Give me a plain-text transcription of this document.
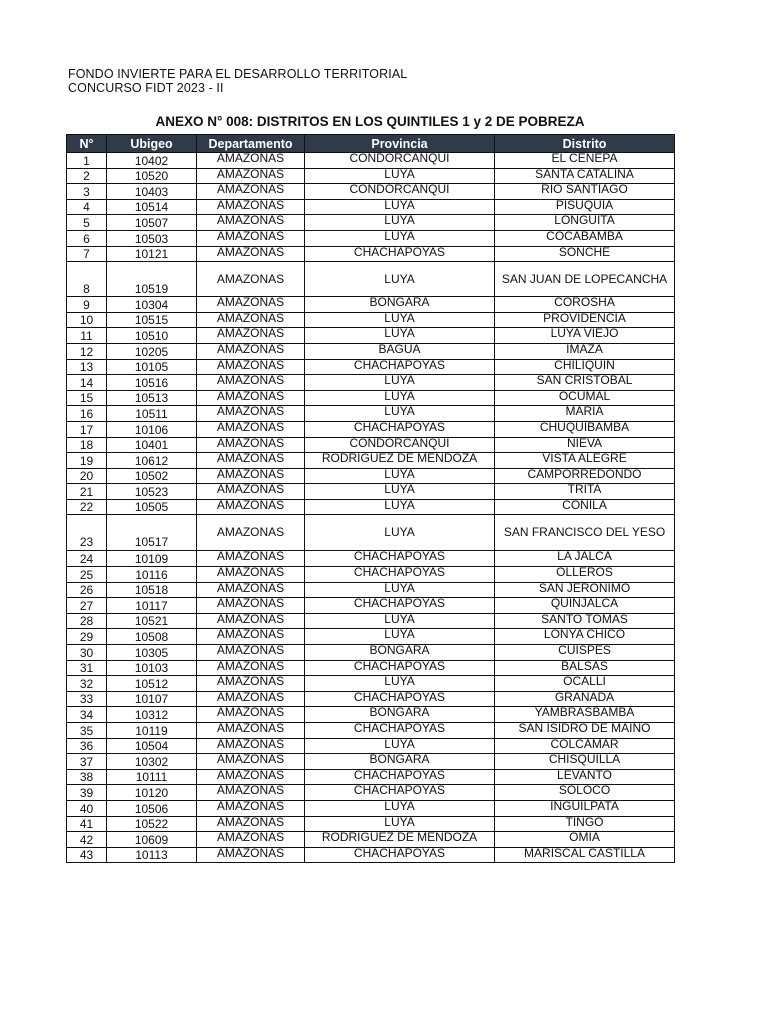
FONDO INVIERTE PARA EL DESARROLLO TERRITORIAL
CONCURSO FIDT 2023 - II
ANEXO N° 008: DISTRITOS EN LOS QUINTILES 1 y 2 DE POBREZA
N°	Ubigeo	Departamento	Provincia	Distrito
1	10402	AMAZONAS	CONDORCANQUI	EL CENEPA
2	10520	AMAZONAS	LUYA	SANTA CATALINA
3	10403	AMAZONAS	CONDORCANQUI	RIO SANTIAGO
4	10514	AMAZONAS	LUYA	PISUQUIA
5	10507	AMAZONAS	LUYA	LONGUITA
6	10503	AMAZONAS	LUYA	COCABAMBA
7	10121	AMAZONAS	CHACHAPOYAS	SONCHE
8	10519	AMAZONAS	LUYA	SAN JUAN DE LOPECANCHA
9	10304	AMAZONAS	BONGARA	COROSHA
10	10515	AMAZONAS	LUYA	PROVIDENCIA
11	10510	AMAZONAS	LUYA	LUYA VIEJO
12	10205	AMAZONAS	BAGUA	IMAZA
13	10105	AMAZONAS	CHACHAPOYAS	CHILIQUIN
14	10516	AMAZONAS	LUYA	SAN CRISTOBAL
15	10513	AMAZONAS	LUYA	OCUMAL
16	10511	AMAZONAS	LUYA	MARIA
17	10106	AMAZONAS	CHACHAPOYAS	CHUQUIBAMBA
18	10401	AMAZONAS	CONDORCANQUI	NIEVA
19	10612	AMAZONAS	RODRIGUEZ DE MENDOZA	VISTA ALEGRE
20	10502	AMAZONAS	LUYA	CAMPORREDONDO
21	10523	AMAZONAS	LUYA	TRITA
22	10505	AMAZONAS	LUYA	CONILA
23	10517	AMAZONAS	LUYA	SAN FRANCISCO DEL YESO
24	10109	AMAZONAS	CHACHAPOYAS	LA JALCA
25	10116	AMAZONAS	CHACHAPOYAS	OLLEROS
26	10518	AMAZONAS	LUYA	SAN JERONIMO
27	10117	AMAZONAS	CHACHAPOYAS	QUINJALCA
28	10521	AMAZONAS	LUYA	SANTO TOMAS
29	10508	AMAZONAS	LUYA	LONYA CHICO
30	10305	AMAZONAS	BONGARA	CUISPES
31	10103	AMAZONAS	CHACHAPOYAS	BALSAS
32	10512	AMAZONAS	LUYA	OCALLI
33	10107	AMAZONAS	CHACHAPOYAS	GRANADA
34	10312	AMAZONAS	BONGARA	YAMBRASBAMBA
35	10119	AMAZONAS	CHACHAPOYAS	SAN ISIDRO DE MAINO
36	10504	AMAZONAS	LUYA	COLCAMAR
37	10302	AMAZONAS	BONGARA	CHISQUILLA
38	10111	AMAZONAS	CHACHAPOYAS	LEVANTO
39	10120	AMAZONAS	CHACHAPOYAS	SOLOCO
40	10506	AMAZONAS	LUYA	INGUILPATA
41	10522	AMAZONAS	LUYA	TINGO
42	10609	AMAZONAS	RODRIGUEZ DE MENDOZA	OMIA
43	10113	AMAZONAS	CHACHAPOYAS	MARISCAL CASTILLA
